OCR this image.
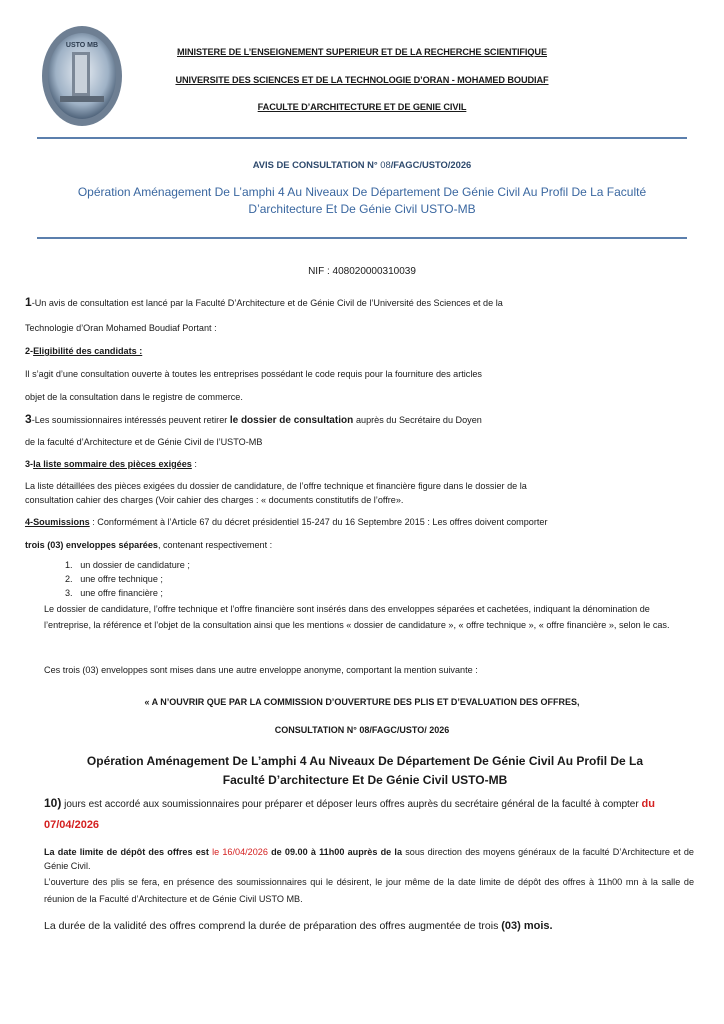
USTO MB
MINISTERE DE L’ENSEIGNEMENT SUPERIEUR ET DE LA RECHERCHE SCIENTIFIQUE
UNIVERSITE DES SCIENCES ET DE LA TECHNOLOGIE D’ORAN - MOHAMED BOUDIAF
FACULTE D’ARCHITECTURE ET DE GENIE CIVIL
AVIS DE CONSULTATION N° 08/FAGC/USTO/2026
Opération Aménagement De L’amphi 4 Au Niveaux De Département De Génie Civil Au Profil De La Faculté
D’architecture Et De Génie Civil USTO-MB
NIF : 408020000310039
1-Un avis de consultation est lancé par la Faculté D’Architecture et de Génie Civil de l’Université des Sciences et de la
Technologie d’Oran Mohamed Boudiaf Portant :
2-Eligibilité des candidats :
Il s’agit d’une consultation ouverte à toutes les entreprises possédant le code requis pour la fourniture des articles
objet de la consultation dans le registre de commerce.
3-Les soumissionnaires intéressés peuvent retirer le dossier de consultation auprès du Secrétaire du Doyen
de la faculté d’Architecture et de Génie Civil de l’USTO-MB
3-la liste sommaire des pièces exigées :
La liste détaillées des pièces exigées du dossier de candidature, de l’offre technique et financière figure dans le dossier de la
consultation cahier des charges (Voir cahier des charges : « documents constitutifs de l’offre».
4-Soumissions : Conformément à l’Article 67 du décret présidentiel 15-247 du 16 Septembre 2015 : Les offres doivent comporter
trois (03) enveloppes séparées, contenant respectivement :
1. un dossier de candidature ;
2. une offre technique ;
3. une offre financière ;
Le dossier de candidature, l’offre technique et l’offre financière sont insérés dans des enveloppes séparées et cachetées, indiquant la dénomination de l’entreprise, la référence et l’objet de la consultation ainsi que les mentions « dossier de candidature », « offre technique », « offre financière », selon le cas.
Ces trois (03) enveloppes sont mises dans une autre enveloppe anonyme, comportant la mention suivante :
« A N’OUVRIR QUE PAR LA COMMISSION D’OUVERTURE DES PLIS ET D’EVALUATION DES OFFRES,
CONSULTATION N° 08/FAGC/USTO/ 2026
Opération Aménagement De L’amphi 4 Au Niveaux De Département De Génie Civil Au Profil De La
Faculté D’architecture Et De Génie Civil USTO-MB
10) jours est accordé aux soumissionnaires pour préparer et déposer leurs offres auprès du secrétaire général de la faculté à compter du 07/04/2026
La date limite de dépôt des offres est le 16/04/2026 de 09.00 à 11h00 auprès de la sous direction des moyens généraux de la faculté D’Architecture et de Génie Civil.
L’ouverture des plis se fera, en présence des soumissionnaires qui le désirent, le jour même de la date limite de dépôt des offres à 11h00 mn à la salle de réunion de la Faculté d’Architecture et de Génie Civil USTO MB.
La durée de la validité des offres comprend la durée de préparation des offres augmentée de trois (03) mois.
